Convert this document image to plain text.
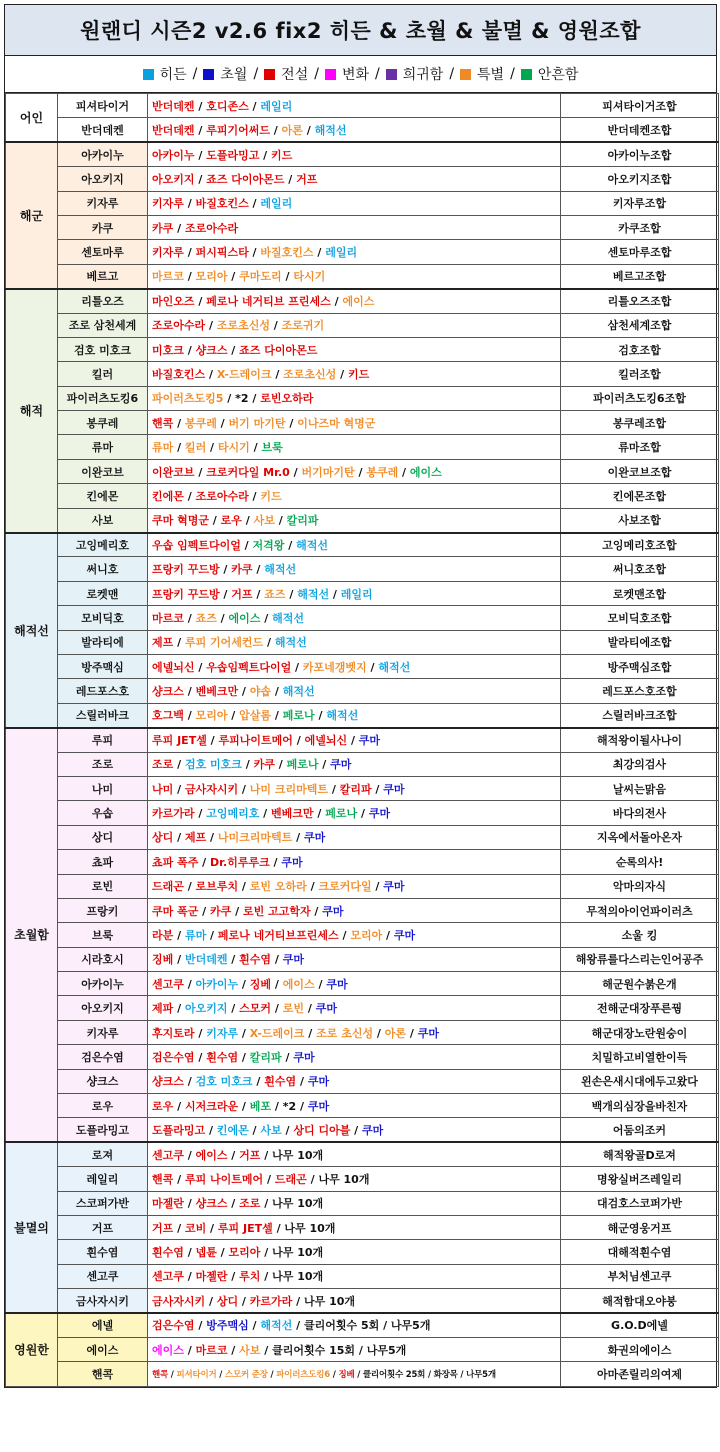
원랜디 시즌2 v2.6 fix2 히든 & 초월 & 불멸 & 영원조합
히든 / 초월 / 전설 / 변화 / 희귀함 / 특별 / 안흔함
어인	피셔타이거	반더데켄 / 호디존스 / 레일리	피셔타이거조합
	반더데켄	반더데켄 / 루피기어써드 / 아론 / 해적선	반더데켄조합
해군	아카이누	아카이누 / 도플라밍고 / 키드	아카이누조합
	아오키지	아오키지 / 죠즈 다이아몬드 / 거프	아오키지조합
	키자루	키자루 / 바질호킨스 / 레일리	키자루조합
	카쿠	카쿠 / 조로아수라	카쿠조합
	센토마루	키자루 / 퍼시픽스타 / 바질호킨스 / 레일리	센토마루조합
	베르고	마르코 / 모리아 / 쿠마도리 / 타시기	베르고조합
해적	리틀오즈	마인오즈 / 페로나 네거티브 프린세스 / 에이스	리틀오즈조합
	조로 삼천세계	조로아수라 / 조로초신성 / 조로귀기	삼천세계조합
	검호 미호크	미호크 / 샹크스 / 죠즈 다이아몬드	검호조합
	킬러	바질호킨스 / X-드레이크 / 조로초신성 / 키드	킬러조합
	파이러츠도킹6	파이러츠도킹5 / *2 / 로빈오하라	파이러츠도킹6조합
	봉쿠레	핸콕 / 봉쿠레 / 버기 마기탄 / 이나즈마 혁명군	봉쿠레조합
	류마	류마 / 킬러 / 타시기 / 브룩	류마조합
	이완코브	이완코브 / 크로커다일 Mr.0 / 버기마기탄 / 봉쿠레 / 에이스	이완코브조합
	킨에몬	킨에몬 / 조로아수라 / 키드	킨에몬조합
	사보	쿠마 혁명군 / 로우 / 사보 / 칼리파	사보조합
해적선	고잉메리호	우솝 임펙트다이얼 / 저격왕 / 해적선	고잉메리호조합
	써니호	프랑키 꾸드방 / 카쿠 / 해적선	써니호조합
	로켓맨	프랑키 꾸드방 / 거프 / 죠즈 / 해적선 / 레일리	로켓맨조합
	모비딕호	마르코 / 죠즈 / 에이스 / 해적선	모비딕호조합
	발라티에	제프 / 루피 기어세컨드 / 해적선	발라티에조합
	방주맥심	에넬뇌신 / 우솝임펙트다이얼 / 카포네갱벳지 / 해적선	방주맥심조합
	레드포스호	샹크스 / 벤베크만 / 야솝 / 해적선	레드포스호조합
	스릴러바크	호그백 / 모리아 / 압살롬 / 페로나 / 해적선	스릴러바크조합
초월함	루피	루피 JET셀 / 루피나이트메어 / 에넬뇌신 / 쿠마	해적왕이될사나이
	조로	조로 / 검호 미호크 / 카쿠 / 페로나 / 쿠마	최강의검사
	나미	나미 / 금사자시키 / 나미 크리마텍트 / 칼리파 / 쿠마	날씨는맑음
	우솝	카르가라 / 고잉메리호 / 벤베크만 / 페로나 / 쿠마	바다의전사
	상디	상디 / 제프 / 나미크리마텍트 / 쿠마	지옥에서돌아온자
	쵸파	쵸파 폭주 / Dr.히루루크 / 쿠마	순록의사!
	로빈	드래곤 / 로브루치 / 로빈 오하라 / 크로커다일 / 쿠마	악마의자식
	프랑키	쿠마 폭군 / 카쿠 / 로빈 고고학자 / 쿠마	무적의아이언파이러츠
	브룩	라분 / 류마 / 페로나 네거티브프린세스 / 모리아 / 쿠마	소울 킹
	시라호시	징베 / 반더데켄 / 흰수염 / 쿠마	해왕류를다스리는인어공주
	아카이누	센고쿠 / 아카이누 / 징베 / 에이스 / 쿠마	해군원수붉은개
	아오키지	제파 / 아오키지 / 스모커 / 로빈 / 쿠마	전해군대장푸른꿩
	키자루	후지토라 / 키자루 / X-드레이크 / 조로 초신성 / 아론 / 쿠마	해군대장노란원숭이
	검은수염	검은수염 / 흰수염 / 칼리파 / 쿠마	치밀하고비열한이득
	샹크스	샹크스 / 검호 미호크 / 흰수염 / 쿠마	왼손은새시대에두고왔다
	로우	로우 / 시저크라운 / 베포 / *2 / 쿠마	백개의심장을바친자
	도플라밍고	도플라밍고 / 킨에몬 / 사보 / 상디 디아블 / 쿠마	어둠의조커
불멸의	로져	센고쿠 / 에이스 / 거프 / 나무 10개	해적왕골D로져
	레일리	핸콕 / 루피 나이트메어 / 드래곤 / 나무 10개	명왕실버즈레일리
	스코퍼가반	마젤란 / 샹크스 / 조로 / 나무 10개	대검호스코퍼가반
	거프	거프 / 코비 / 루피 JET셀 / 나무 10개	해군영웅거프
	흰수염	흰수염 / 넵튠 / 모리아 / 나무 10개	대해적흰수염
	센고쿠	센고쿠 / 마젤란 / 루치 / 나무 10개	부처님센고쿠
	금사자시키	금사자시키 / 상디 / 카르가라 / 나무 10개	해적함대오야붕
영원한	에넬	검은수염 / 방주맥심 / 해적선 / 클리어횟수 5회 / 나무5개	G.O.D에넬
	에이스	에이스 / 마르코 / 사보 / 클리어횟수 15회 / 나무5개	화권의에이스
	핸콕	핸콕 / 피셔타이거 / 스모커 준장 / 파이러츠도킹6 / 징베 / 클리어횟수 25회 / 화장목 / 나무5개	아마존릴리의여제
